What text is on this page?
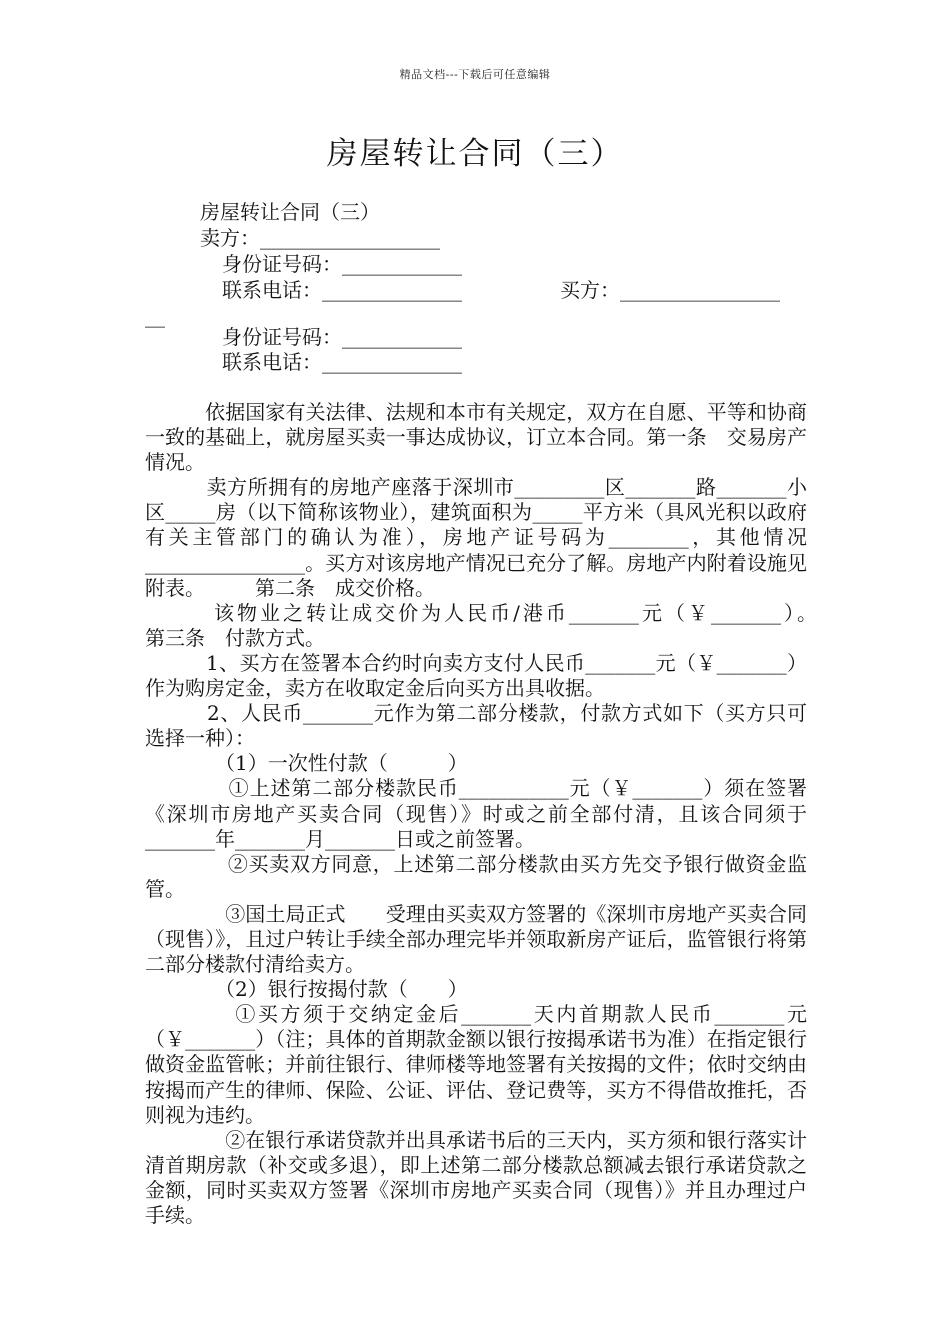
精品文档---下载后可任意编辑
房屋转让合同（三）
房屋转让合同（三）
卖方：__________________
身份证号码：____________
联系电话：______________	买方：________________
__
身份证号码：____________
联系电话：______________
　　　依据国家有关法律、法规和本市有关规定，双方在自愿、平等和协商一致的基础上，就房屋买卖一事达成协议，订立本合同。第一条　交易房产情况。
　　　卖方所拥有的房地产座落于深圳市_________区_______路_______小区_____房（以下简称该物业），建筑面积为_____平方米（具风光积以政府有关主管部门的确认为准），房地产证号码为________，其他情况________________。买方对该房地产情况已充分了解。房地产内附着设施见附表。　　　第二条　成交价格。
　　　该物业之转让成交价为人民币/港币_______元（￥_______）。　　　第三条　付款方式。
　　　1、买方在签署本合约时向卖方支付人民币_______元（￥_______）作为购房定金，卖方在收取定金后向买方出具收据。
　　　2、人民币_______元作为第二部分楼款，付款方式如下（买方只可选择一种）：
　　　　（1）一次性付款（　　　）
　　　　①上述第二部分楼款民币___________元（￥_______）须在签署《深圳市房地产买卖合同（现售）》时或之前全部付清，且该合同须于_______年_______月_______日或之前签署。
　　　　②买卖双方同意，上述第二部分楼款由买方先交予银行做资金监管。
　　　　③国土局正式　　受理由买卖双方签署的《深圳市房地产买卖合同（现售）》，且过户转让手续全部办理完毕并领取新房产证后，监管银行将第二部分楼款付清给卖方。
　　　　（2）银行按揭付款（　　）
　　　　①买方须于交纳定金后_______天内首期款人民币_______元（￥_______）（注；具体的首期款金额以银行按揭承诺书为准）在指定银行做资金监管帐；并前往银行、律师楼等地签署有关按揭的文件；依时交纳由按揭而产生的律师、保险、公证、评估、登记费等，买方不得借故推托，否则视为违约。
　　　　②在银行承诺贷款并出具承诺书后的三天内，买方须和银行落实计清首期房款（补交或多退），即上述第二部分楼款总额减去银行承诺贷款之金额，同时买卖双方签署《深圳市房地产买卖合同（现售）》并且办理过户手续。
